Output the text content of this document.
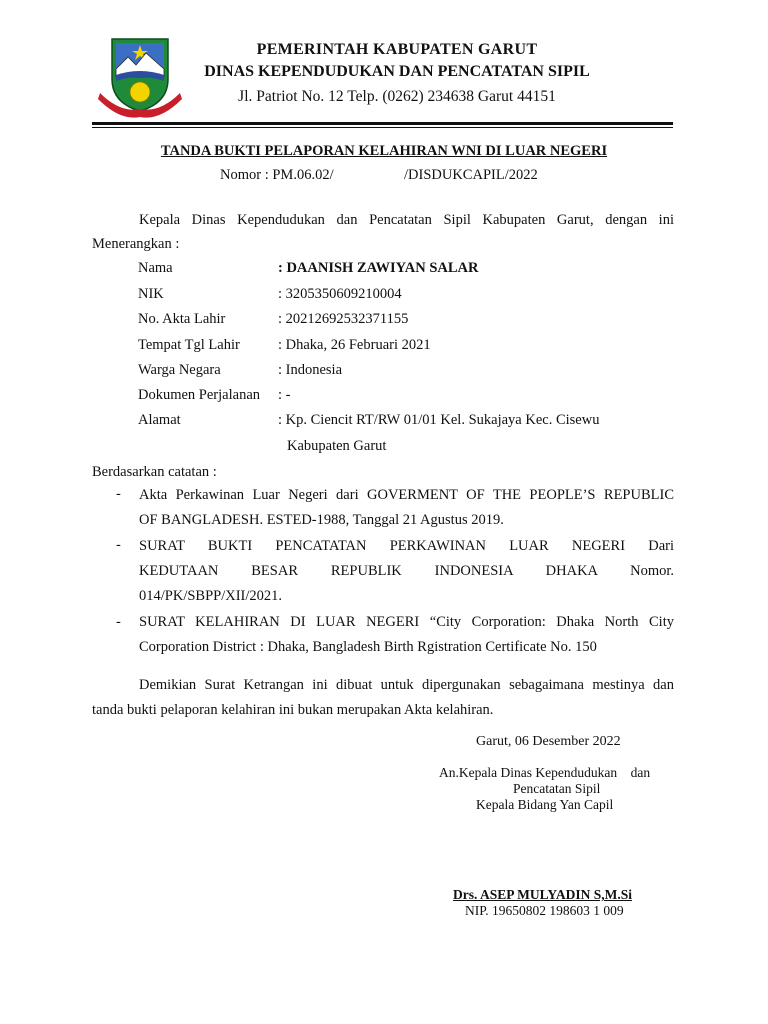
PEMERINTAH KABUPATEN GARUT
DINAS KEPENDUDUKAN DAN PENCATATAN SIPIL
Jl. Patriot No. 12 Telp. (0262) 234638 Garut 44151
TANDA BUKTI PELAPORAN KELAHIRAN WNI DI LUAR NEGERI
Nomor : PM.06.02/	/DISDUKCAPIL/2022
Kepala Dinas Kependudukan dan Pencatatan Sipil Kabupaten Garut, dengan ini
Menerangkan :
Nama	: DAANISH ZAWIYAN SALAR
NIK	: 3205350609210004
No. Akta Lahir	: 20212692532371155
Tempat Tgl Lahir	: Dhaka, 26 Februari 2021
Warga Negara	: Indonesia
Dokumen Perjalanan : -
Alamat	: Kp. Ciencit RT/RW 01/01 Kel. Sukajaya Kec. Cisewu
Kabupaten Garut
Berdasarkan catatan :
- Akta Perkawinan Luar Negeri dari GOVERMENT OF THE PEOPLE’S REPUBLIC
OF BANGLADESH. ESTED-1988, Tanggal 21 Agustus 2019.
- SURAT BUKTI PENCATATAN PERKAWINAN LUAR NEGERI Dari
KEDUTAAN BESAR REPUBLIK INDONESIA DHAKA Nomor.
014/PK/SBPP/XII/2021.
- SURAT KELAHIRAN DI LUAR NEGERI “City Corporation: Dhaka North City
Corporation District : Dhaka, Bangladesh Birth Rgistration Certificate No. 150
Demikian Surat Ketrangan ini dibuat untuk dipergunakan sebagaimana mestinya dan
tanda bukti pelaporan kelahiran ini bukan merupakan Akta kelahiran.
Garut, 06 Desember 2022
An.Kepala Dinas Kependudukan    dan
Pencatatan Sipil
Kepala Bidang Yan Capil
Drs. ASEP MULYADIN S,M.Si
NIP. 19650802 198603 1 009
